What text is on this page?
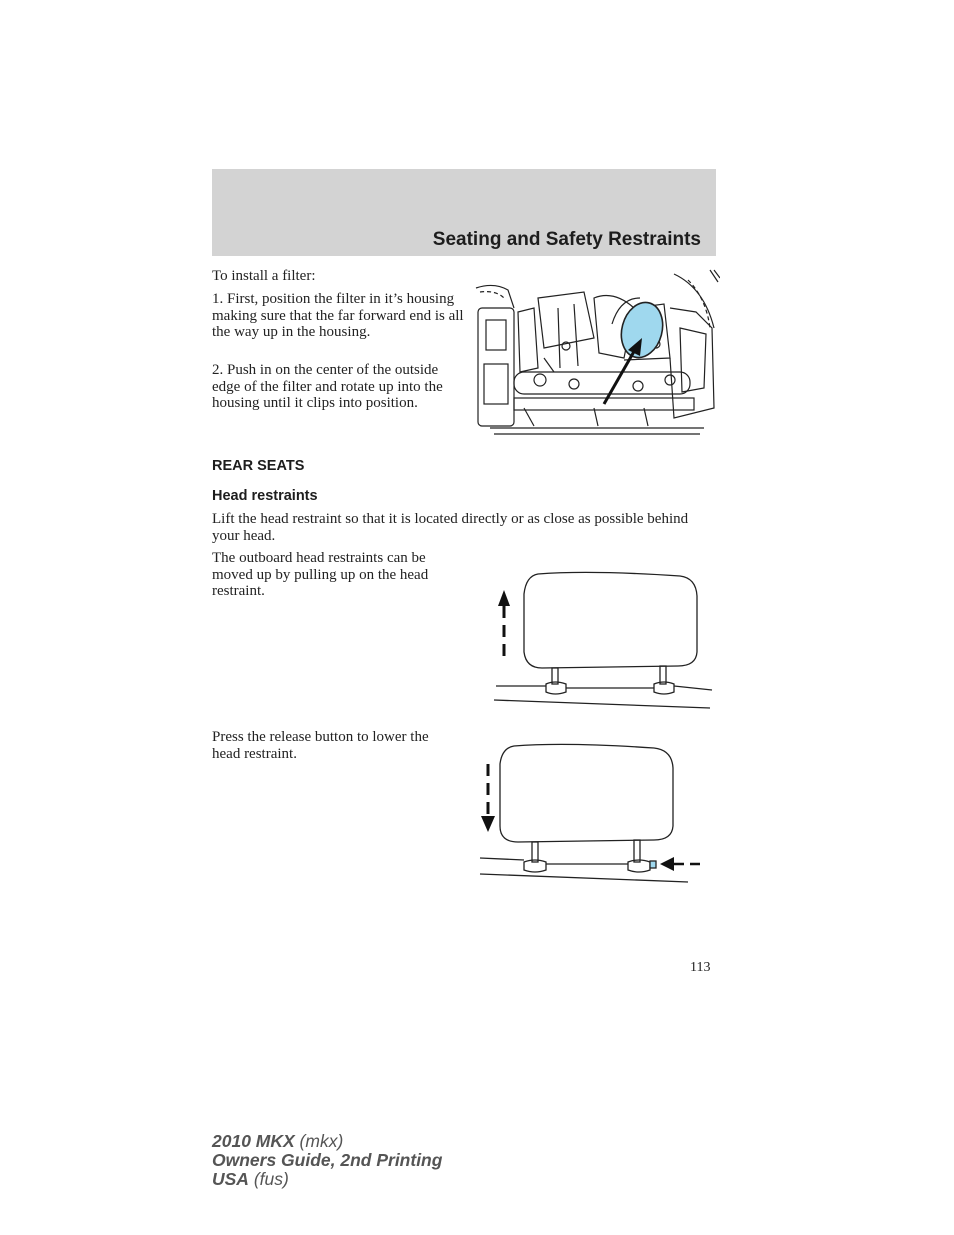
Seating and Safety Restraints

To install a filter:

1. First, position the filter in it’s housing making sure that the far forward end is all the way up in the housing.

2. Push in on the center of the outside edge of the filter and rotate up into the housing until it clips into position.

REAR SEATS
Head restraints

Lift the head restraint so that it is located directly or as close as possible behind your head.

The outboard head restraints can be moved up by pulling up on the head restraint.

Press the release button to lower the head restraint.

113
2010 MKX (mkx)
Owners Guide, 2nd Printing
USA (fus)
